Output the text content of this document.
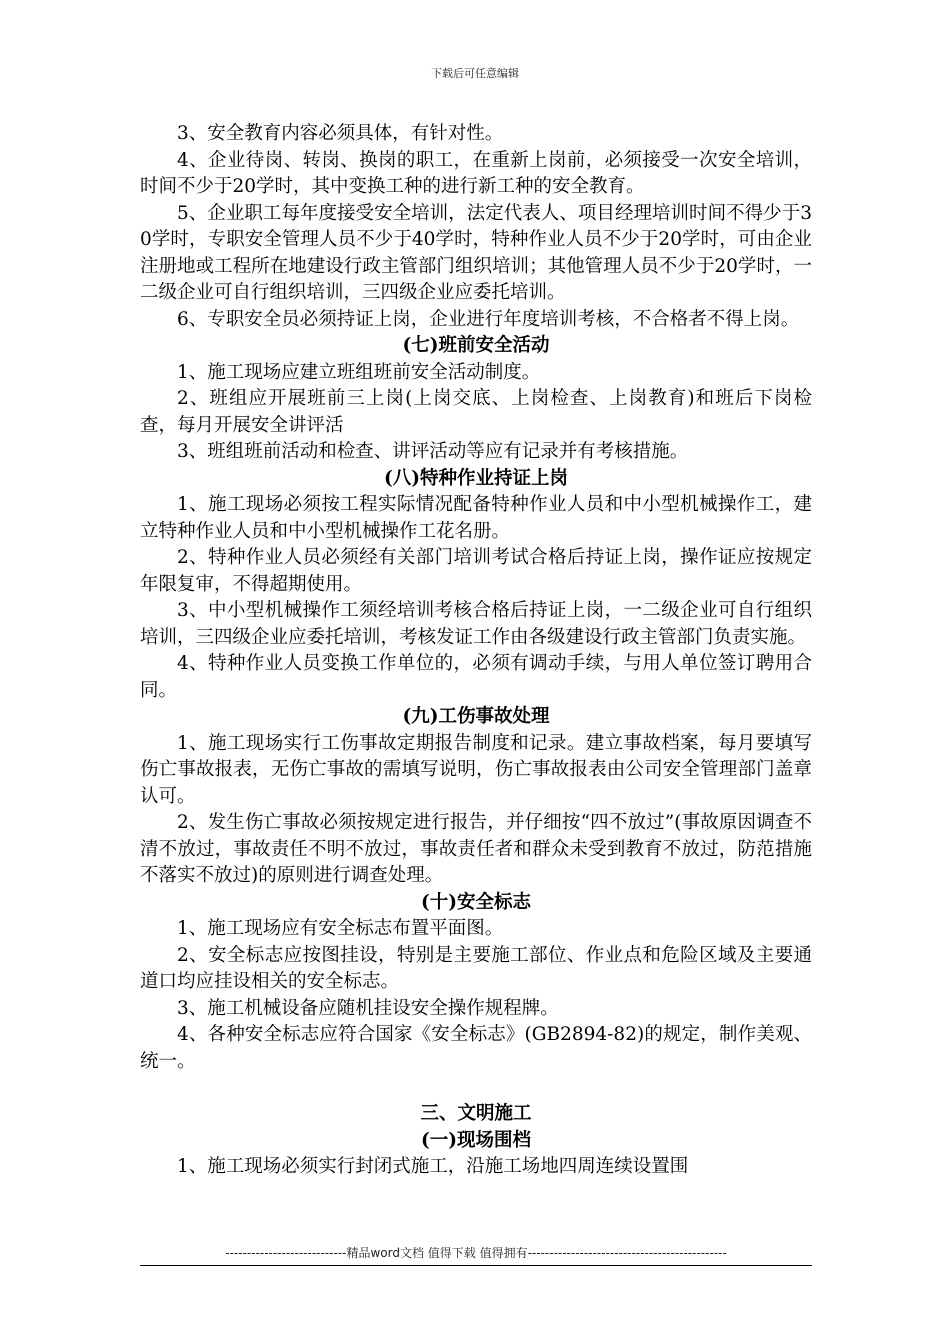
下载后可任意编辑

3、安全教育内容必须具体，有针对性。

4、企业待岗、转岗、换岗的职工，在重新上岗前，必须接受一次安全培训，时间不少于20学时，其中变换工种的进行新工种的安全教育。

5、企业职工每年度接受安全培训，法定代表人、项目经理培训时间不得少于30学时，专职安全管理人员不少于40学时，特种作业人员不少于20学时，可由企业注册地或工程所在地建设行政主管部门组织培训；其他管理人员不少于20学时，一二级企业可自行组织培训，三四级企业应委托培训。

6、专职安全员必须持证上岗，企业进行年度培训考核，不合格者不得上岗。

(七)班前安全活动

1、施工现场应建立班组班前安全活动制度。

2、班组应开展班前三上岗(上岗交底、上岗检查、上岗教育)和班后下岗检查，每月开展安全讲评活

3、班组班前活动和检查、讲评活动等应有记录并有考核措施。

(八)特种作业持证上岗

1、施工现场必须按工程实际情况配备特种作业人员和中小型机械操作工，建立特种作业人员和中小型机械操作工花名册。

2、特种作业人员必须经有关部门培训考试合格后持证上岗，操作证应按规定年限复审，不得超期使用。

3、中小型机械操作工须经培训考核合格后持证上岗，一二级企业可自行组织培训，三四级企业应委托培训，考核发证工作由各级建设行政主管部门负责实施。

4、特种作业人员变换工作单位的，必须有调动手续，与用人单位签订聘用合同。

(九)工伤事故处理

1、施工现场实行工伤事故定期报告制度和记录。建立事故档案，每月要填写伤亡事故报表，无伤亡事故的需填写说明，伤亡事故报表由公司安全管理部门盖章认可。

2、发生伤亡事故必须按规定进行报告，并仔细按“四不放过”(事故原因调查不清不放过，事故责任不明不放过，事故责任者和群众未受到教育不放过，防范措施不落实不放过)的原则进行调查处理。

(十)安全标志

1、施工现场应有安全标志布置平面图。

2、安全标志应按图挂设，特别是主要施工部位、作业点和危险区域及主要通道口均应挂设相关的安全标志。

3、施工机械设备应随机挂设安全操作规程牌。

4、各种安全标志应符合国家《安全标志》(GB2894-82)的规定，制作美观、统一。

三、文明施工
(一)现场围档

1、施工现场必须实行封闭式施工，沿施工场地四周连续设置围

----------------------------精品word文档 值得下载 值得拥有----------------------------------------------
